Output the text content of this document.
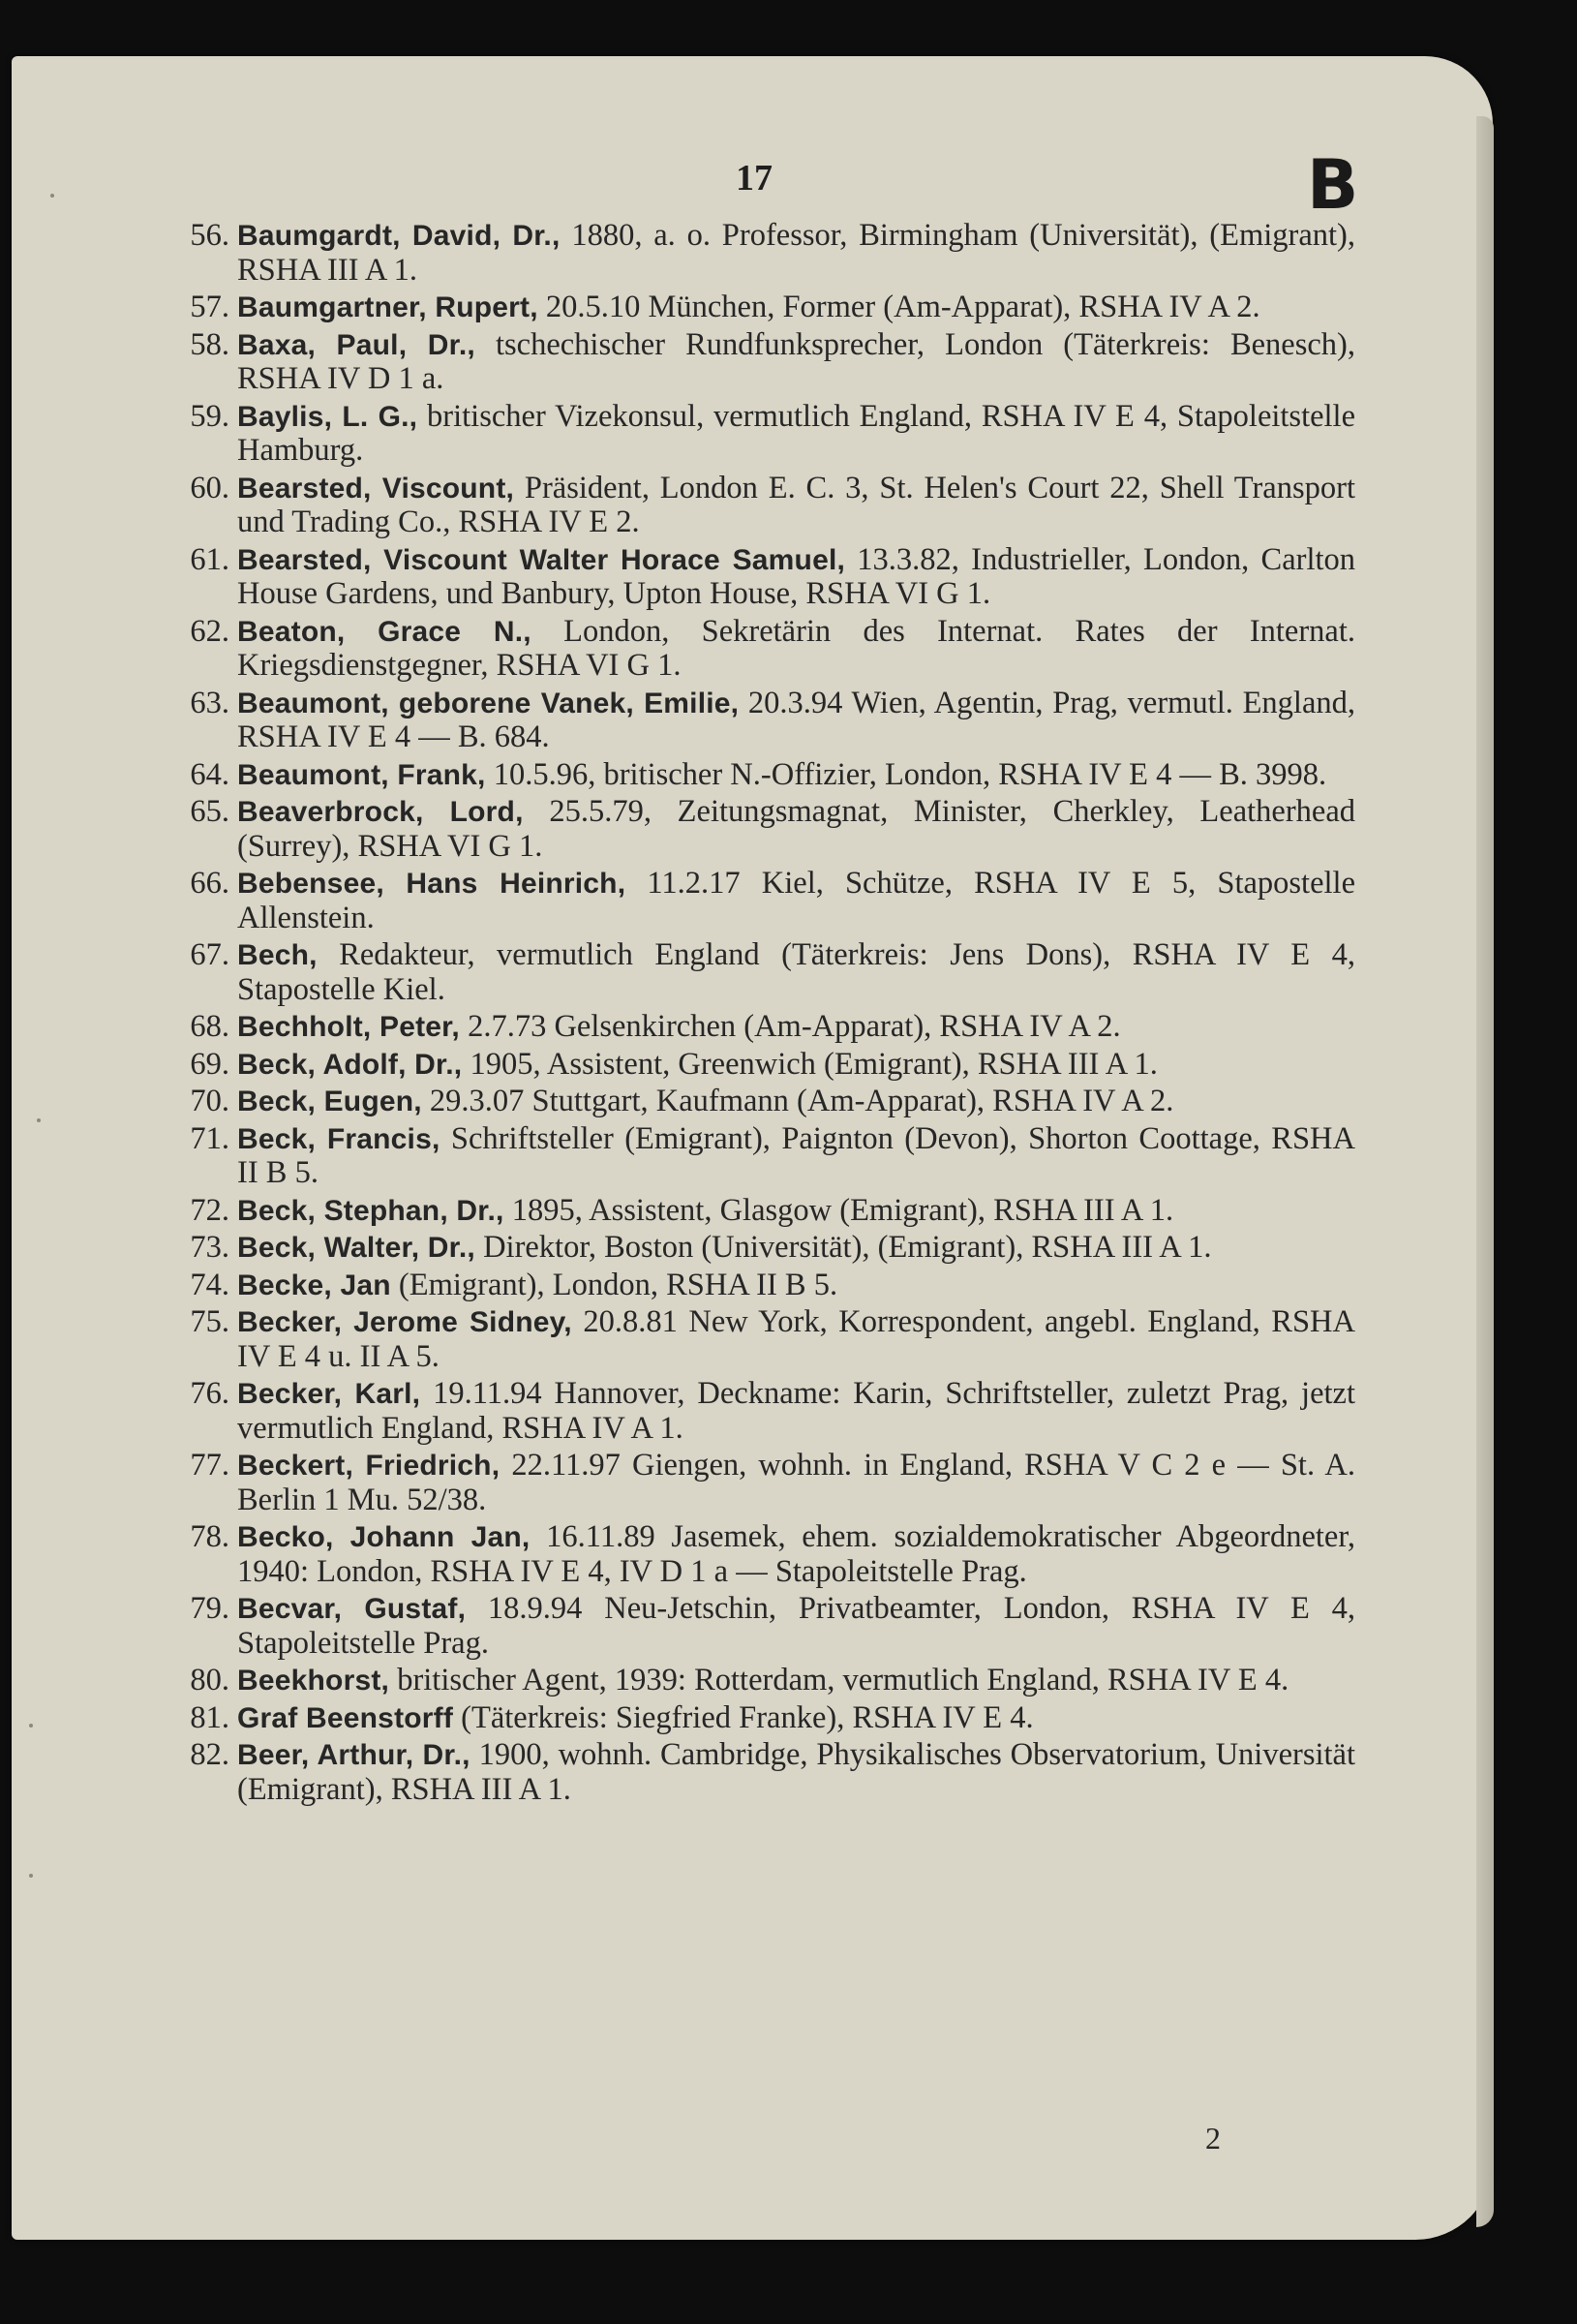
17	B
56. Baumgardt, David, Dr., 1880, a. o. Professor, Birmingham (Universität), (Emigrant), RSHA III A 1.
57. Baumgartner, Rupert, 20.5.10 München, Former (Am-Apparat), RSHA IV A 2.
58. Baxa, Paul, Dr., tschechischer Rundfunksprecher, London (Täterkreis: Benesch), RSHA IV D 1 a.
59. Baylis, L. G., britischer Vizekonsul, vermutlich England, RSHA IV E 4, Stapoleitstelle Hamburg.
60. Bearsted, Viscount, Präsident, London E. C. 3, St. Helen's Court 22, Shell Transport und Trading Co., RSHA IV E 2.
61. Bearsted, Viscount Walter Horace Samuel, 13.3.82, Industrieller, London, Carlton House Gardens, und Banbury, Upton House, RSHA VI G 1.
62. Beaton, Grace N., London, Sekretärin des Internat. Rates der Internat. Kriegsdienstgegner, RSHA VI G 1.
63. Beaumont, geborene Vanek, Emilie, 20.3.94 Wien, Agentin, Prag, vermutl. England, RSHA IV E 4 — B. 684.
64. Beaumont, Frank, 10.5.96, britischer N.-Offizier, London, RSHA IV E 4 — B. 3998.
65. Beaverbrock, Lord, 25.5.79, Zeitungsmagnat, Minister, Cherkley, Leatherhead (Surrey), RSHA VI G 1.
66. Bebensee, Hans Heinrich, 11.2.17 Kiel, Schütze, RSHA IV E 5, Stapostelle Allenstein.
67. Bech, Redakteur, vermutlich England (Täterkreis: Jens Dons), RSHA IV E 4, Stapostelle Kiel.
68. Bechholt, Peter, 2.7.73 Gelsenkirchen (Am-Apparat), RSHA IV A 2.
69. Beck, Adolf, Dr., 1905, Assistent, Greenwich (Emigrant), RSHA III A 1.
70. Beck, Eugen, 29.3.07 Stuttgart, Kaufmann (Am-Apparat), RSHA IV A 2.
71. Beck, Francis, Schriftsteller (Emigrant), Paignton (Devon), Shorton Coottage, RSHA II B 5.
72. Beck, Stephan, Dr., 1895, Assistent, Glasgow (Emigrant), RSHA III A 1.
73. Beck, Walter, Dr., Direktor, Boston (Universität), (Emigrant), RSHA III A 1.
74. Becke, Jan (Emigrant), London, RSHA II B 5.
75. Becker, Jerome Sidney, 20.8.81 New York, Korrespondent, angebl. England, RSHA IV E 4 u. II A 5.
76. Becker, Karl, 19.11.94 Hannover, Deckname: Karin, Schriftsteller, zuletzt Prag, jetzt vermutlich England, RSHA IV A 1.
77. Beckert, Friedrich, 22.11.97 Giengen, wohnh. in England, RSHA V C 2 e — St. A. Berlin 1 Mu. 52/38.
78. Becko, Johann Jan, 16.11.89 Jasemek, ehem. sozialdemokratischer Abgeordneter, 1940: London, RSHA IV E 4, IV D 1 a — Stapoleitstelle Prag.
79. Becvar, Gustaf, 18.9.94 Neu-Jetschin, Privatbeamter, London, RSHA IV E 4, Stapoleitstelle Prag.
80. Beekhorst, britischer Agent, 1939: Rotterdam, vermutlich England, RSHA IV E 4.
81. Graf Beenstorff (Täterkreis: Siegfried Franke), RSHA IV E 4.
82. Beer, Arthur, Dr., 1900, wohnh. Cambridge, Physikalisches Observatorium, Universität (Emigrant), RSHA III A 1.
2
